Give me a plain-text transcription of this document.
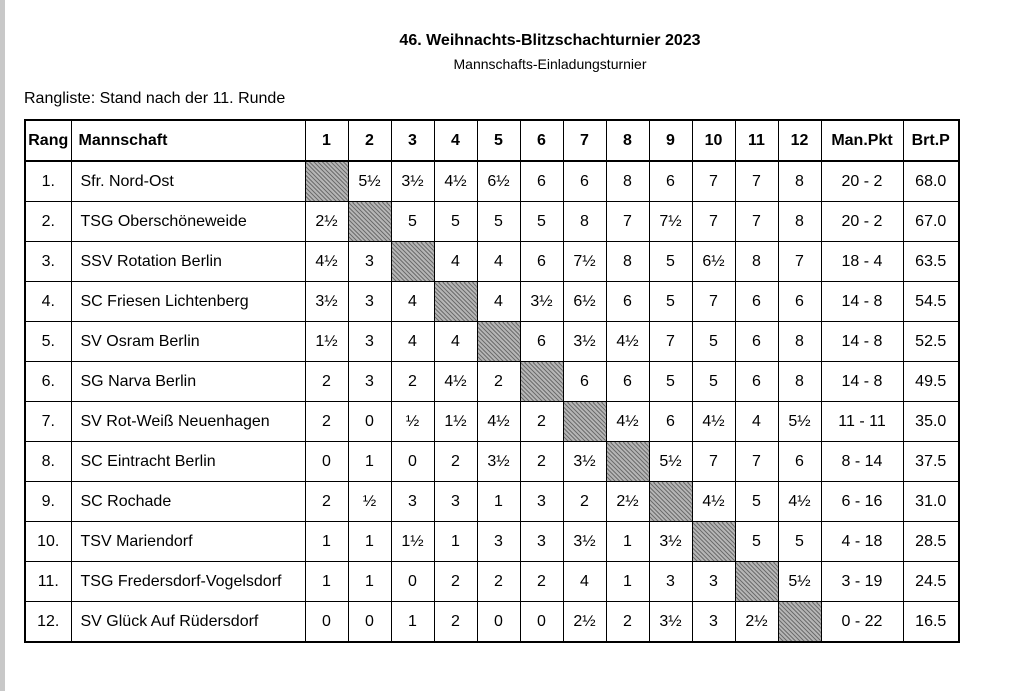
46. Weihnachts-Blitzschachturnier 2023
Mannschafts-Einladungsturnier
Rangliste: Stand nach der 11. Runde
Rang	Mannschaft	1	2	3	4	5	6	7	8	9	10	11	12	Man.Pkt	Brt.P
1.	Sfr. Nord-Ost		5½	3½	4½	6½	6	6	8	6	7	7	8	20 - 2	68.0
2.	TSG Oberschöneweide	2½		5	5	5	5	8	7	7½	7	7	8	20 - 2	67.0
3.	SSV Rotation Berlin	4½	3		4	4	6	7½	8	5	6½	8	7	18 - 4	63.5
4.	SC Friesen Lichtenberg	3½	3	4		4	3½	6½	6	5	7	6	6	14 - 8	54.5
5.	SV Osram Berlin	1½	3	4	4		6	3½	4½	7	5	6	8	14 - 8	52.5
6.	SG Narva Berlin	2	3	2	4½	2		6	6	5	5	6	8	14 - 8	49.5
7.	SV Rot-Weiß Neuenhagen	2	0	½	1½	4½	2		4½	6	4½	4	5½	11 - 11	35.0
8.	SC Eintracht Berlin	0	1	0	2	3½	2	3½		5½	7	7	6	8 - 14	37.5
9.	SC Rochade	2	½	3	3	1	3	2	2½		4½	5	4½	6 - 16	31.0
10.	TSV Mariendorf	1	1	1½	1	3	3	3½	1	3½		5	5	4 - 18	28.5
11.	TSG Fredersdorf-Vogelsdorf	1	1	0	2	2	2	4	1	3	3		5½	3 - 19	24.5
12.	SV Glück Auf Rüdersdorf	0	0	1	2	0	0	2½	2	3½	3	2½		0 - 22	16.5
